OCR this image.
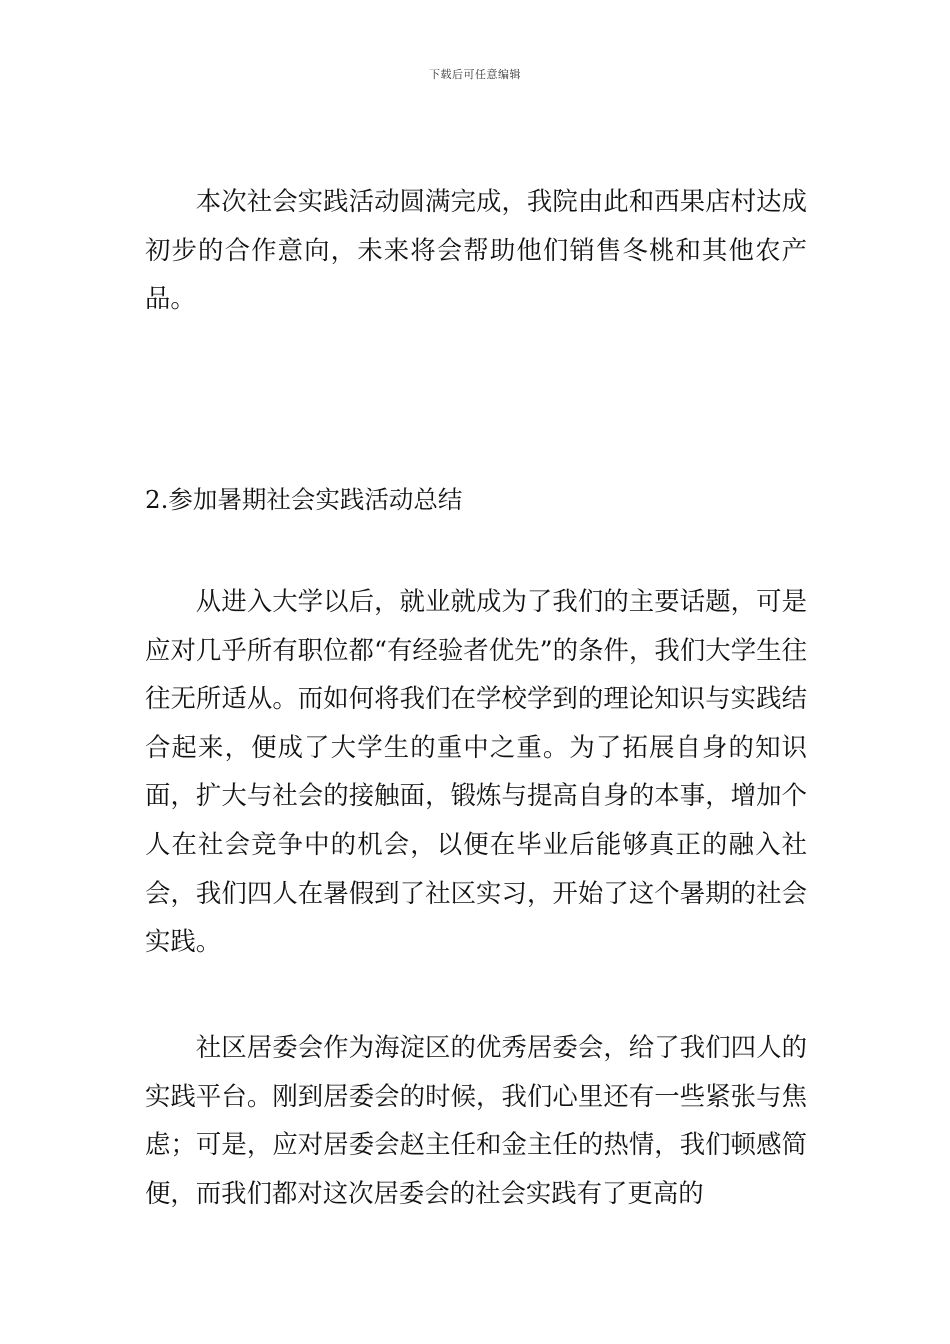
下载后可任意编辑

本次社会实践活动圆满完成，我院由此和西果店村达成初步的合作意向，未来将会帮助他们销售冬桃和其他农产品。

2.参加暑期社会实践活动总结

从进入大学以后，就业就成为了我们的主要话题，可是应对几乎所有职位都“有经验者优先”的条件，我们大学生往往无所适从。而如何将我们在学校学到的理论知识与实践结合起来，便成了大学生的重中之重。为了拓展自身的知识面，扩大与社会的接触面，锻炼与提高自身的本事，增加个人在社会竞争中的机会，以便在毕业后能够真正的融入社会，我们四人在暑假到了社区实习，开始了这个暑期的社会实践。

社区居委会作为海淀区的优秀居委会，给了我们四人的实践平台。刚到居委会的时候，我们心里还有一些紧张与焦虑；可是，应对居委会赵主任和金主任的热情，我们顿感简便，而我们都对这次居委会的社会实践有了更高的
